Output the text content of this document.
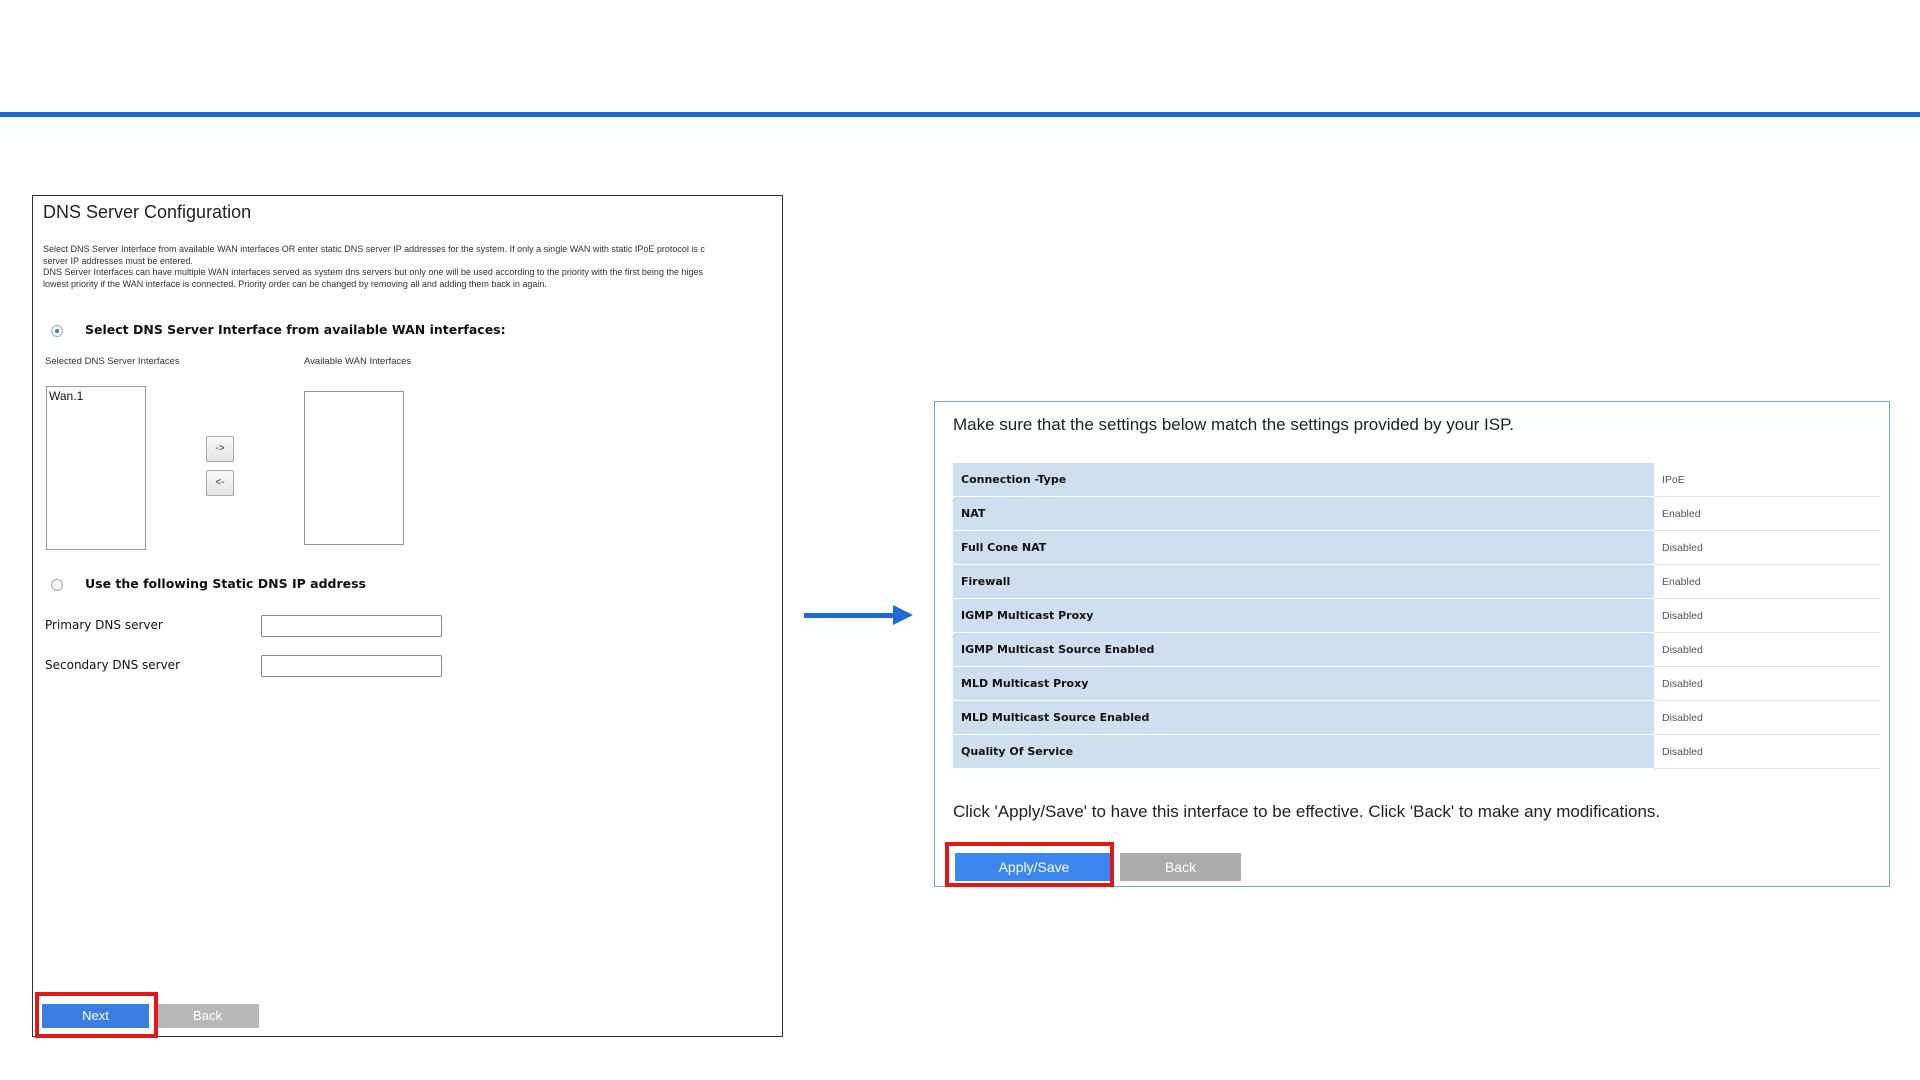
DNS Server Configuration
Select DNS Server Interface from available WAN interfaces OR enter static DNS server IP addresses for the system. If only a single WAN with static IPoE protocol is c
server IP addresses must be entered.
DNS Server Interfaces can have multiple WAN interfaces served as system dns servers but only one will be used according to the priority with the first being the higes
lowest priority if the WAN interface is connected. Priority order can be changed by removing all and adding them back in again.
Select DNS Server Interface from available WAN interfaces:
Selected DNS Server Interfaces	Available WAN Interfaces
Wan.1
->
<-
Use the following Static DNS IP address
Primary DNS server
Secondary DNS server
Next	Back
Make sure that the settings below match the settings provided by your ISP.
Connection -Type	IPoE
NAT	Enabled
Full Cone NAT	Disabled
Firewall	Enabled
IGMP Multicast Proxy	Disabled
IGMP Multicast Source Enabled	Disabled
MLD Multicast Proxy	Disabled
MLD Multicast Source Enabled	Disabled
Quality Of Service	Disabled
Click 'Apply/Save' to have this interface to be effective. Click 'Back' to make any modifications.
Apply/Save	Back
